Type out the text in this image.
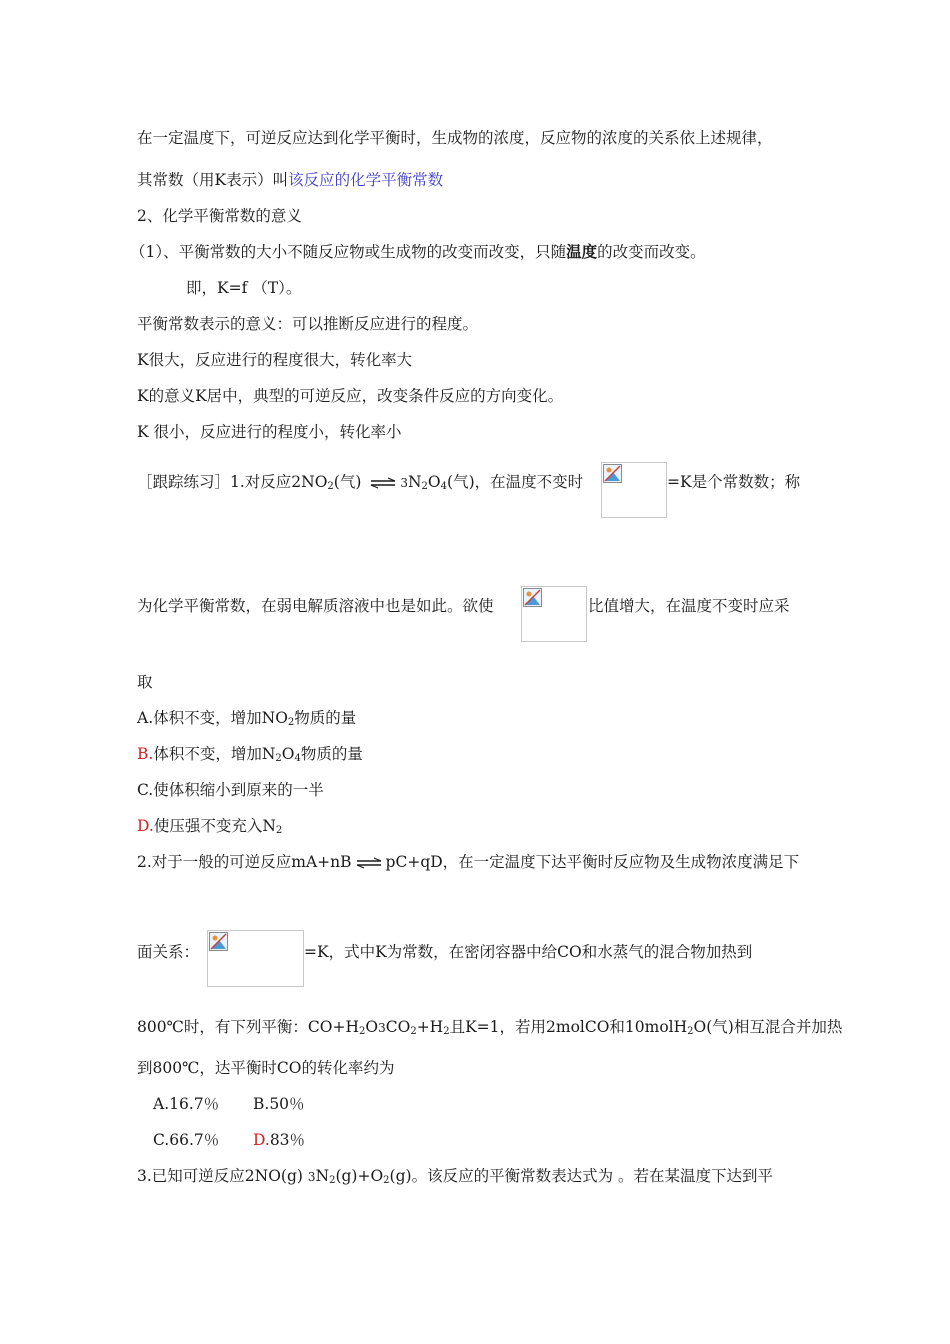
在一定温度下，可逆反应达到化学平衡时，生成物的浓度，反应物的浓度的关系依上述规律，
其常数（用K表示）叫该反应的化学平衡常数
2、化学平衡常数的意义
（1）、平衡常数的大小不随反应物或生成物的改变而改变，只随温度的改变而改变。
即，K=f （T）。
平衡常数表示的意义：可以推断反应进行的程度。
K很大，反应进行的程度很大，转化率大
K的意义K居中，典型的可逆反应，改变条件反应的方向变化。
K 很小，反应进行的程度小，转化率小
［跟踪练习］1.对反应$2NO_2$(气) ⇌ $3N_2O_4$(气)，在温度不变时	=K是个常数数；称
为化学平衡常数，在弱电解质溶液中也是如此。欲使	比值增大，在温度不变时应采
取
A.体积不变，增加$NO_2$物质的量
B.体积不变，增加$N_2O_4$物质的量
C.使体积缩小到原来的一半
D.使压强不变充入$N_2$
2.对于一般的可逆反应mA+nB ⇌ pC+qD，在一定温度下达平衡时反应物及生成物浓度满足下
面关系：	=K，式中K为常数，在密闭容器中给CO和水蒸气的混合物加热到
800℃时，有下列平衡：$CO+H_2O3CO_2+H_2$且K=1，若用2molCO和10molH$_2$O(气)相互混合并加热
到800℃，达平衡时CO的转化率约为
A.16.7％ B.50％
C.66.7％ D.83％
3.已知可逆反应2NO(g) $3N_2(g)+O_2(g)$。该反应的平衡常数表达式为 。若在某温度下达到平
